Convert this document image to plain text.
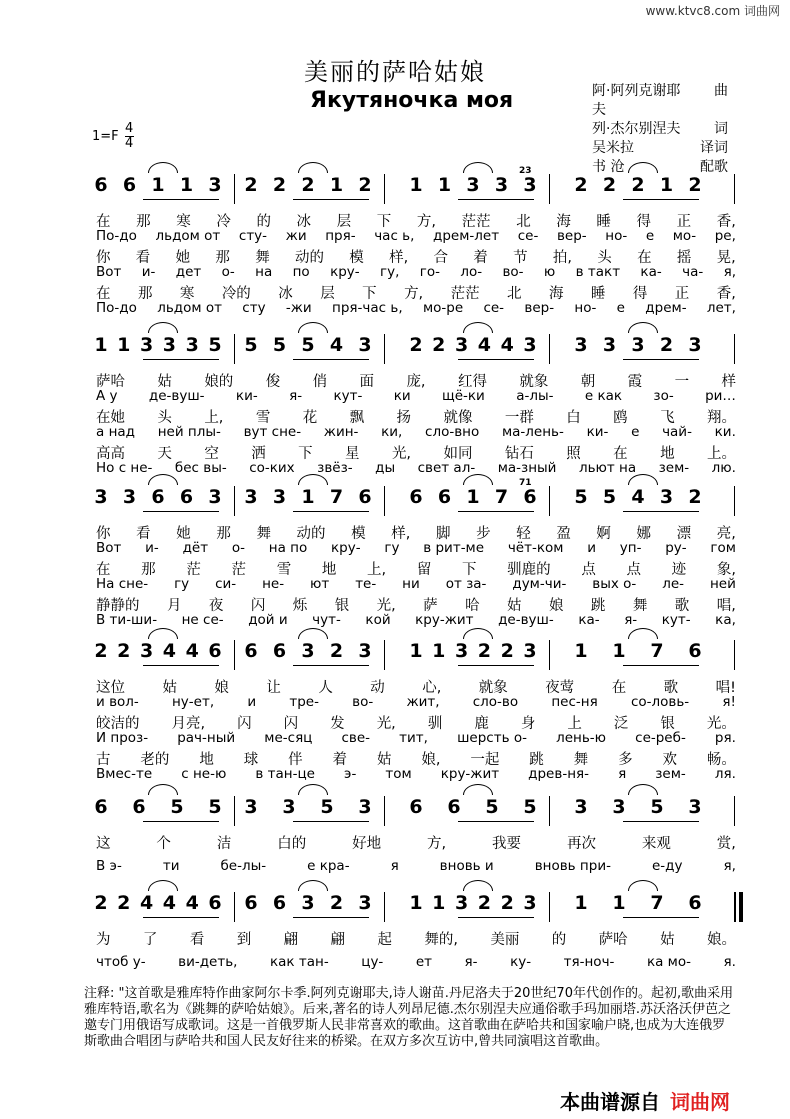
www.ktvc8.com 词曲网
美丽的萨哈姑娘
Якутяночка моя
$1=F \frac{4}{4}$
阿·阿列克谢耶夫
曲
列·杰尔别涅夫	词
吴米拉	译词
书 沧	配歌
6 6 1 1 3 2 2 2 1 2 1 1 3 3 3 2 2 2 1 2
23
在 那 寒 冷 的 冰 层 下 方, 茫茫 北 海 睡 得 正 香,
По-до льдом от сту- жи пря- час ь, дрем-лет се- вер- но- е мо- ре,
你 看 她 那 舞 动的 模 样, 合 着 节 拍, 头 在 摇 晃,
Вот и- дет о- на по кру- гу, го- ло- во- ю в такт ка- ча- я,
在 那 寒 冷的 冰 层 下 方, 茫茫 北 海 睡 得 正 香,
По-до льдом от сту -жи пря-час ь, мо-ре се- вер- но- е дрем- лет,
1 1 3 3 3 5 5 5 5 4 3 2 2 3 4 4 3 3 3 3 2 3
萨哈 姑 娘的 俊 俏 面 庞, 红得 就象 朝 霞 一 样
А у де-вуш- ки- я- кут- ки щё-ки а-лы- е как зо- ри…
在她 头 上, 雪 花 飘 扬 就像 一群 白 鸥 飞 翔。
а над ней плы- вут сне- жин- ки, сло-вно ма-лень- ки- е чай- ки.
高高 天 空 洒 下 星 光, 如同 钻石 照 在 地 上。
Но с не- бес вы- со-ких звёз- ды свет ал- ма-зный льют на зем- лю.
3 3 6 6 3 3 3 1 7 6 6 6 1 7 6 5 5 4 3 2
71
你 看 她 那 舞 动的 模 样, 脚 步 轻 盈 婀 娜 漂 亮,
Вот и- дёт о- на по кру- гу в рит-ме чёт-ком и уп- ру- гом
在 那 茫 茫 雪 地 上, 留 下 驯鹿的 点 点 迹 象,
На сне- гу си- не- ют те- ни от за- дум-чи- вых о- ле- ней
静静的 月 夜 闪 烁 银 光, 萨 哈 姑 娘 跳 舞 歌 唱,
В ти-ши- не се- дой и чут- кой кру-жит де-вуш- ка- я- кут- ка,
2 2 3 4 4 6 6 6 3 2 3 1 1 3 2 2 3 1 1 7 6
这位	姑	娘	让	人	动	心,	就象	夜莺	在	歌	唱!
и вол- ну-ет, и тре- во- жит, сло-во пес-ня со-ловь- я!
皎洁的 月亮, 闪 闪 发 光, 驯 鹿 身 上 泛 银 光。
И проз- рач-ный ме-сяц све- тит, шерсть о- лень-ю се-реб- ря.
古 老的 地 球 伴 着 姑 娘, 一起 跳 舞 多 欢 畅。
Вмес-те с не-ю в тан-це э- том кру-жит древ-ня- я зем- ля.
6 6 5 5 3 3 5 3 6 6 5 5 3 3 5 3
这	个	洁	白的	好地	方,	我要	再次	来观	赏,
В э-	ти	бе-лы-	е кра-	я	вновь и	вновь при-	е-ду	я,
2 2 4 4 4 6 6 6 3 2 3 1 1 3 2 2 3 1 1 7 6
为 了 看 到 翩 翩 起 舞的, 美丽 的 萨哈 姑 娘。
чтоб у- ви-деть, как тан- цу- ет я- ку- тя-ноч- ка мо- я.
注释: "这首歌是雅库特作曲家阿尔卡季.阿列克谢耶夫,诗人谢苗.丹尼洛夫于20世纪70年代创作的。起初,歌曲采用雅库特语,歌名为《跳舞的萨哈姑娘》。后来,著名的诗人列昂尼德.杰尔别涅夫应通俗歌手玛加丽塔.苏沃洛沃伊芭之邀专门用俄语写成歌词。这是一首俄罗斯人民非常喜欢的歌曲。这首歌曲在萨哈共和国家喻户晓,也成为大连俄罗斯歌曲合唱团与萨哈共和国人民友好往来的桥梁。在双方多次互访中,曾共同演唱这首歌曲。
本曲谱源自 词曲网
